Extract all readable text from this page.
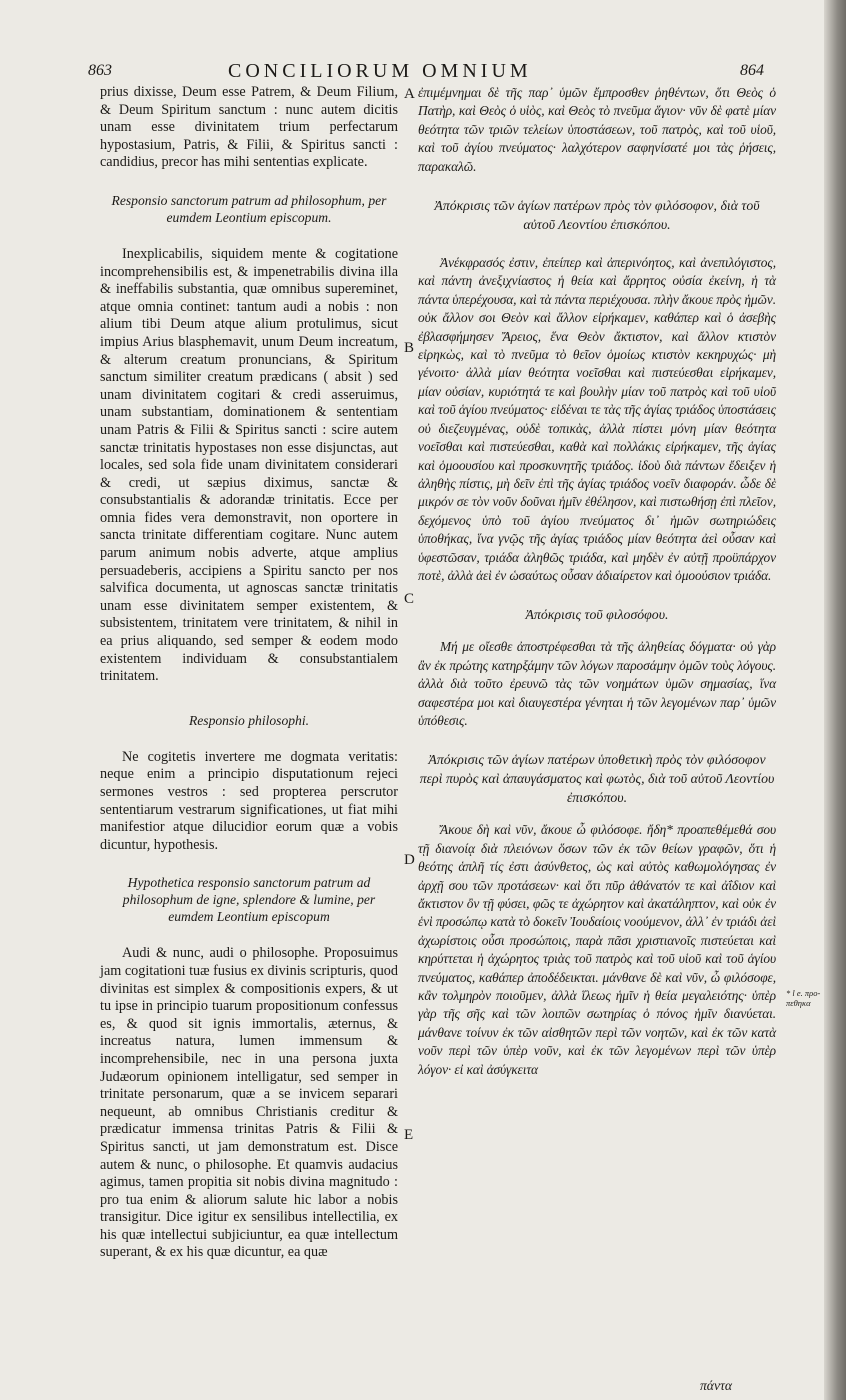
863	CONCILIORUM OMNIUM	864

prius dixisse, Deum esse Patrem, & Deum Filium, & Deum Spiritum sanctum : nunc autem dicitis unam esse divinitatem trium perfectarum hypostasium, Patris, & Filii, & Spiritus sancti : candidius, precor has mihi sententias explicate.

Responsio sanctorum patrum ad philosophum, per eumdem Leontium episcopum.

Inexplicabilis, siquidem mente & cogitatione incomprehensibilis est, & impenetrabilis divina illa & ineffabilis substantia, quæ omnibus supereminet, atque omnia continet: tantum audi a nobis : non alium tibi Deum atque alium protulimus, sicut impius Arius blasphemavit, unum Deum increatum, & alterum creatum pronuncians, & Spiritum sanctum similiter creatum prædicans ( absit ) sed unam divinitatem cogitari & credi asseruimus, unam substantiam, dominationem & sententiam unam Patris & Filii & Spiritus sancti : scire autem sanctæ trinitatis hypostases non esse disjunctas, aut locales, sed sola fide unam divinitatem considerari & credi, ut sæpius diximus, sanctæ & consubstantialis & adorandæ trinitatis. Ecce per omnia fides vera demonstravit, non oportere in sancta trinitate differentiam cogitare. Nunc autem parum animum nobis adverte, atque amplius persuadeberis, accipiens a Spiritu sancto per nos salvifica documenta, ut agnoscas sanctæ trinitatis unam esse divinitatem semper existentem, & subsistentem, trinitatem vere trinitatem, & nihil in ea prius aliquando, sed semper & eodem modo existentem individuam & consubstantialem trinitatem.

Responsio philosophi.

Ne cogitetis invertere me dogmata veritatis: neque enim a principio disputationum rejeci sermones vestros : sed propterea perscrutor sententiarum vestrarum significationes, ut fiat mihi manifestior atque dilucidior eorum quæ a vobis dicuntur, hypothesis.

Hypothetica responsio sanctorum patrum ad philosophum de igne, splendore & lumine, per eumdem Leontium episcopum

Audi & nunc, audi o philosophe. Proposuimus jam cogitationi tuæ fusius ex divinis scripturis, quod divinitas est simplex & compositionis expers, & ut tu ipse in principio tuarum propositionum confessus es, & quod sit ignis immortalis, æternus, & increatus natura, lumen immensum & incomprehensibile, nec in una persona juxta Judæorum opinionem intelligatur, sed semper in trinitate personarum, quæ a se invicem separari nequeunt, ab omnibus Christianis creditur & prædicatur immensa trinitas Patris & Filii & Spiritus sancti, ut jam demonstratum est. Disce autem & nunc, o philosophe. Et quamvis audacius agimus, tamen propitia sit nobis divina magnitudo : pro tua enim & aliorum salute hic labor a nobis transigitur. Dice igitur ex sensilibus intellectilia, ex his quæ intellectui subjiciuntur, ea quæ intellectum superant, & ex his quæ dicuntur, ea quæ

A
B
C
D
E

ἐπιμέμνημαι δὲ τῆς παρ᾽ ὑμῶν ἔμπροσθεν ῥηθέντων, ὅτι Θεὸς ὁ Πατὴρ, καὶ Θεὸς ὁ υἱὸς, καὶ Θεὸς τὸ πνεῦμα ἅγιον· νῦν δὲ φατὲ μίαν θεότητα τῶν τριῶν τελείων ὑποστάσεων, τοῦ πατρὸς, καὶ τοῦ υἱοῦ, καὶ τοῦ ἁγίου πνεύματος· λαλχότερον σαφηνίσατέ μοι τὰς ῥήσεις, παρακαλῶ.

Ἀπόκρισις τῶν ἁγίων πατέρων πρὸς τὸν φιλόσοφον, διὰ τοῦ αὐτοῦ Λεοντίου ἐπισκόπου.

Ἀνέκφρασός ἐστιν, ἐπείπερ καὶ ἀπερινόητος, καὶ ἀνεπιλόγιστος, καὶ πάντη ἀνεξιχνίαστος ἡ θεία καὶ ἄρρητος οὐσία ἐκείνη, ἡ τὰ πάντα ὑπερέχουσα, καὶ τὰ πάντα περιέχουσα. πλὴν ἄκουε πρὸς ἡμῶν. οὐκ ἄλλον σοι Θεὸν καὶ ἄλλον εἰρήκαμεν, καθάπερ καὶ ὁ ἀσεβὴς ἐβλασφήμησεν Ἄρειος, ἕνα Θεὸν ἄκτιστον, καὶ ἄλλον κτιστὸν εἰρηκὼς, καὶ τὸ πνεῦμα τὸ θεῖον ὁμοίως κτιστὸν κεκηρυχώς· μὴ γένοιτο· ἀλλὰ μίαν θεότητα νοεῖσθαι καὶ πιστεύεσθαι εἰρήκαμεν, μίαν οὐσίαν, κυριότητά τε καὶ βουλὴν μίαν τοῦ πατρὸς καὶ τοῦ υἱοῦ καὶ τοῦ ἁγίου πνεύματος· εἰδέναι τε τὰς τῆς ἁγίας τριάδος ὑποστάσεις οὐ διεζευγμένας, οὐδὲ τοπικὰς, ἀλλὰ πίστει μόνη μίαν θεότητα νοεῖσθαι καὶ πιστεύεσθαι, καθὰ καὶ πολλάκις εἰρήκαμεν, τῆς ἁγίας καὶ ὁμοουσίου καὶ προσκυνητῆς τριάδος. ἰδοὺ διὰ πάντων ἔδειξεν ἡ ἀληθὴς πίστις, μὴ δεῖν ἐπὶ τῆς ἁγίας τριάδος νοεῖν διαφοράν. ὧδε δὲ μικρόν σε τὸν νοῦν δοῦναι ἡμῖν ἐθέλησον, καὶ πιστωθήσῃ ἐπὶ πλεῖον, δεχόμενος ὑπὸ τοῦ ἁγίου πνεύματος δι᾽ ἡμῶν σωτηριώδεις ὑποθήκας, ἵνα γνῷς τῆς ἁγίας τριάδος μίαν θεότητα ἀεὶ οὖσαν καὶ ὑφεστῶσαν, τριάδα ἀληθῶς τριάδα, καὶ μηδὲν ἐν αὐτῇ προϋπάρχον ποτὲ, ἀλλὰ ἀεὶ ἐν ὡσαύτως οὖσαν ἀδιαίρετον καὶ ὁμοούσιον τριάδα.

Ἀπόκρισις τοῦ φιλοσόφου.

Μή με οἴεσθε ἀποστρέφεσθαι τὰ τῆς ἀληθείας δόγματα· οὐ γὰρ ἂν ἐκ πρώτης κατηρξάμην τῶν λόγων παροσάμην ὁμῶν τοὺς λόγους. ἀλλὰ διὰ τοῦτο ἐρευνῶ τὰς τῶν νοημάτων ὑμῶν σημασίας, ἵνα σαφεστέρα μοι καὶ διαυγεστέρα γένηται ἡ τῶν λεγομένων παρ᾽ ὑμῶν ὑπόθεσις.

Ἀπόκρισις τῶν ἁγίων πατέρων ὑποθετικὴ πρὸς τὸν φιλόσοφον περὶ πυρὸς καὶ ἀπαυγάσματος καὶ φωτὸς, διὰ τοῦ αὐτοῦ Λεοντίου ἐπισκόπου.

Ἄκουε δὴ καὶ νῦν, ἄκουε ὦ φιλόσοφε. ἤδη* προαπεθέμεθά σου τῇ διανοίᾳ διὰ πλειόνων ὅσων τῶν ἐκ τῶν θείων γραφῶν, ὅτι ἡ θεότης ἁπλῆ τίς ἐστι ἀσύνθετος, ὡς καὶ αὐτὸς καθωμολόγησας ἐν ἀρχῇ σου τῶν προτάσεων· καὶ ὅτι πῦρ ἀθάνατόν τε καὶ ἀΐδιον καὶ ἄκτιστον ὂν τῇ φύσει, φῶς τε ἀχώρητον καὶ ἀκατάληπτον, καὶ οὐκ ἐν ἑνὶ προσώπῳ κατὰ τὸ δοκεῖν Ἰουδαίοις νοούμενον, ἀλλ᾽ ἐν τριάδι ἀεὶ ἀχωρίστοις οὖσι προσώποις, παρὰ πᾶσι χριστιανοῖς πιστεύεται καὶ κηρύττεται ἡ ἀχώρητος τριὰς τοῦ πατρὸς καὶ τοῦ υἱοῦ καὶ τοῦ ἁγίου πνεύματος, καθάπερ ἀποδέδεικται. μάνθανε δὲ καὶ νῦν, ὦ φιλόσοφε, κἂν τολμηρὸν ποιοῦμεν, ἀλλὰ ἵλεως ἡμῖν ἡ θεία μεγαλειότης· ὑπὲρ γὰρ τῆς σῆς καὶ τῶν λοιπῶν σωτηρίας ὁ πόνος ἡμῖν διανύεται. μάνθανε τοίνυν ἐκ τῶν αἰσθητῶν περὶ τῶν νοητῶν, καὶ ἐκ τῶν κατὰ νοῦν περὶ τῶν ὑπὲρ νοῦν, καὶ ἐκ τῶν λεγομένων περὶ τῶν ὑπὲρ λόγον· εἰ καὶ ἀσύγκειτα

* l e. προ-πεθηκα
πάντα
